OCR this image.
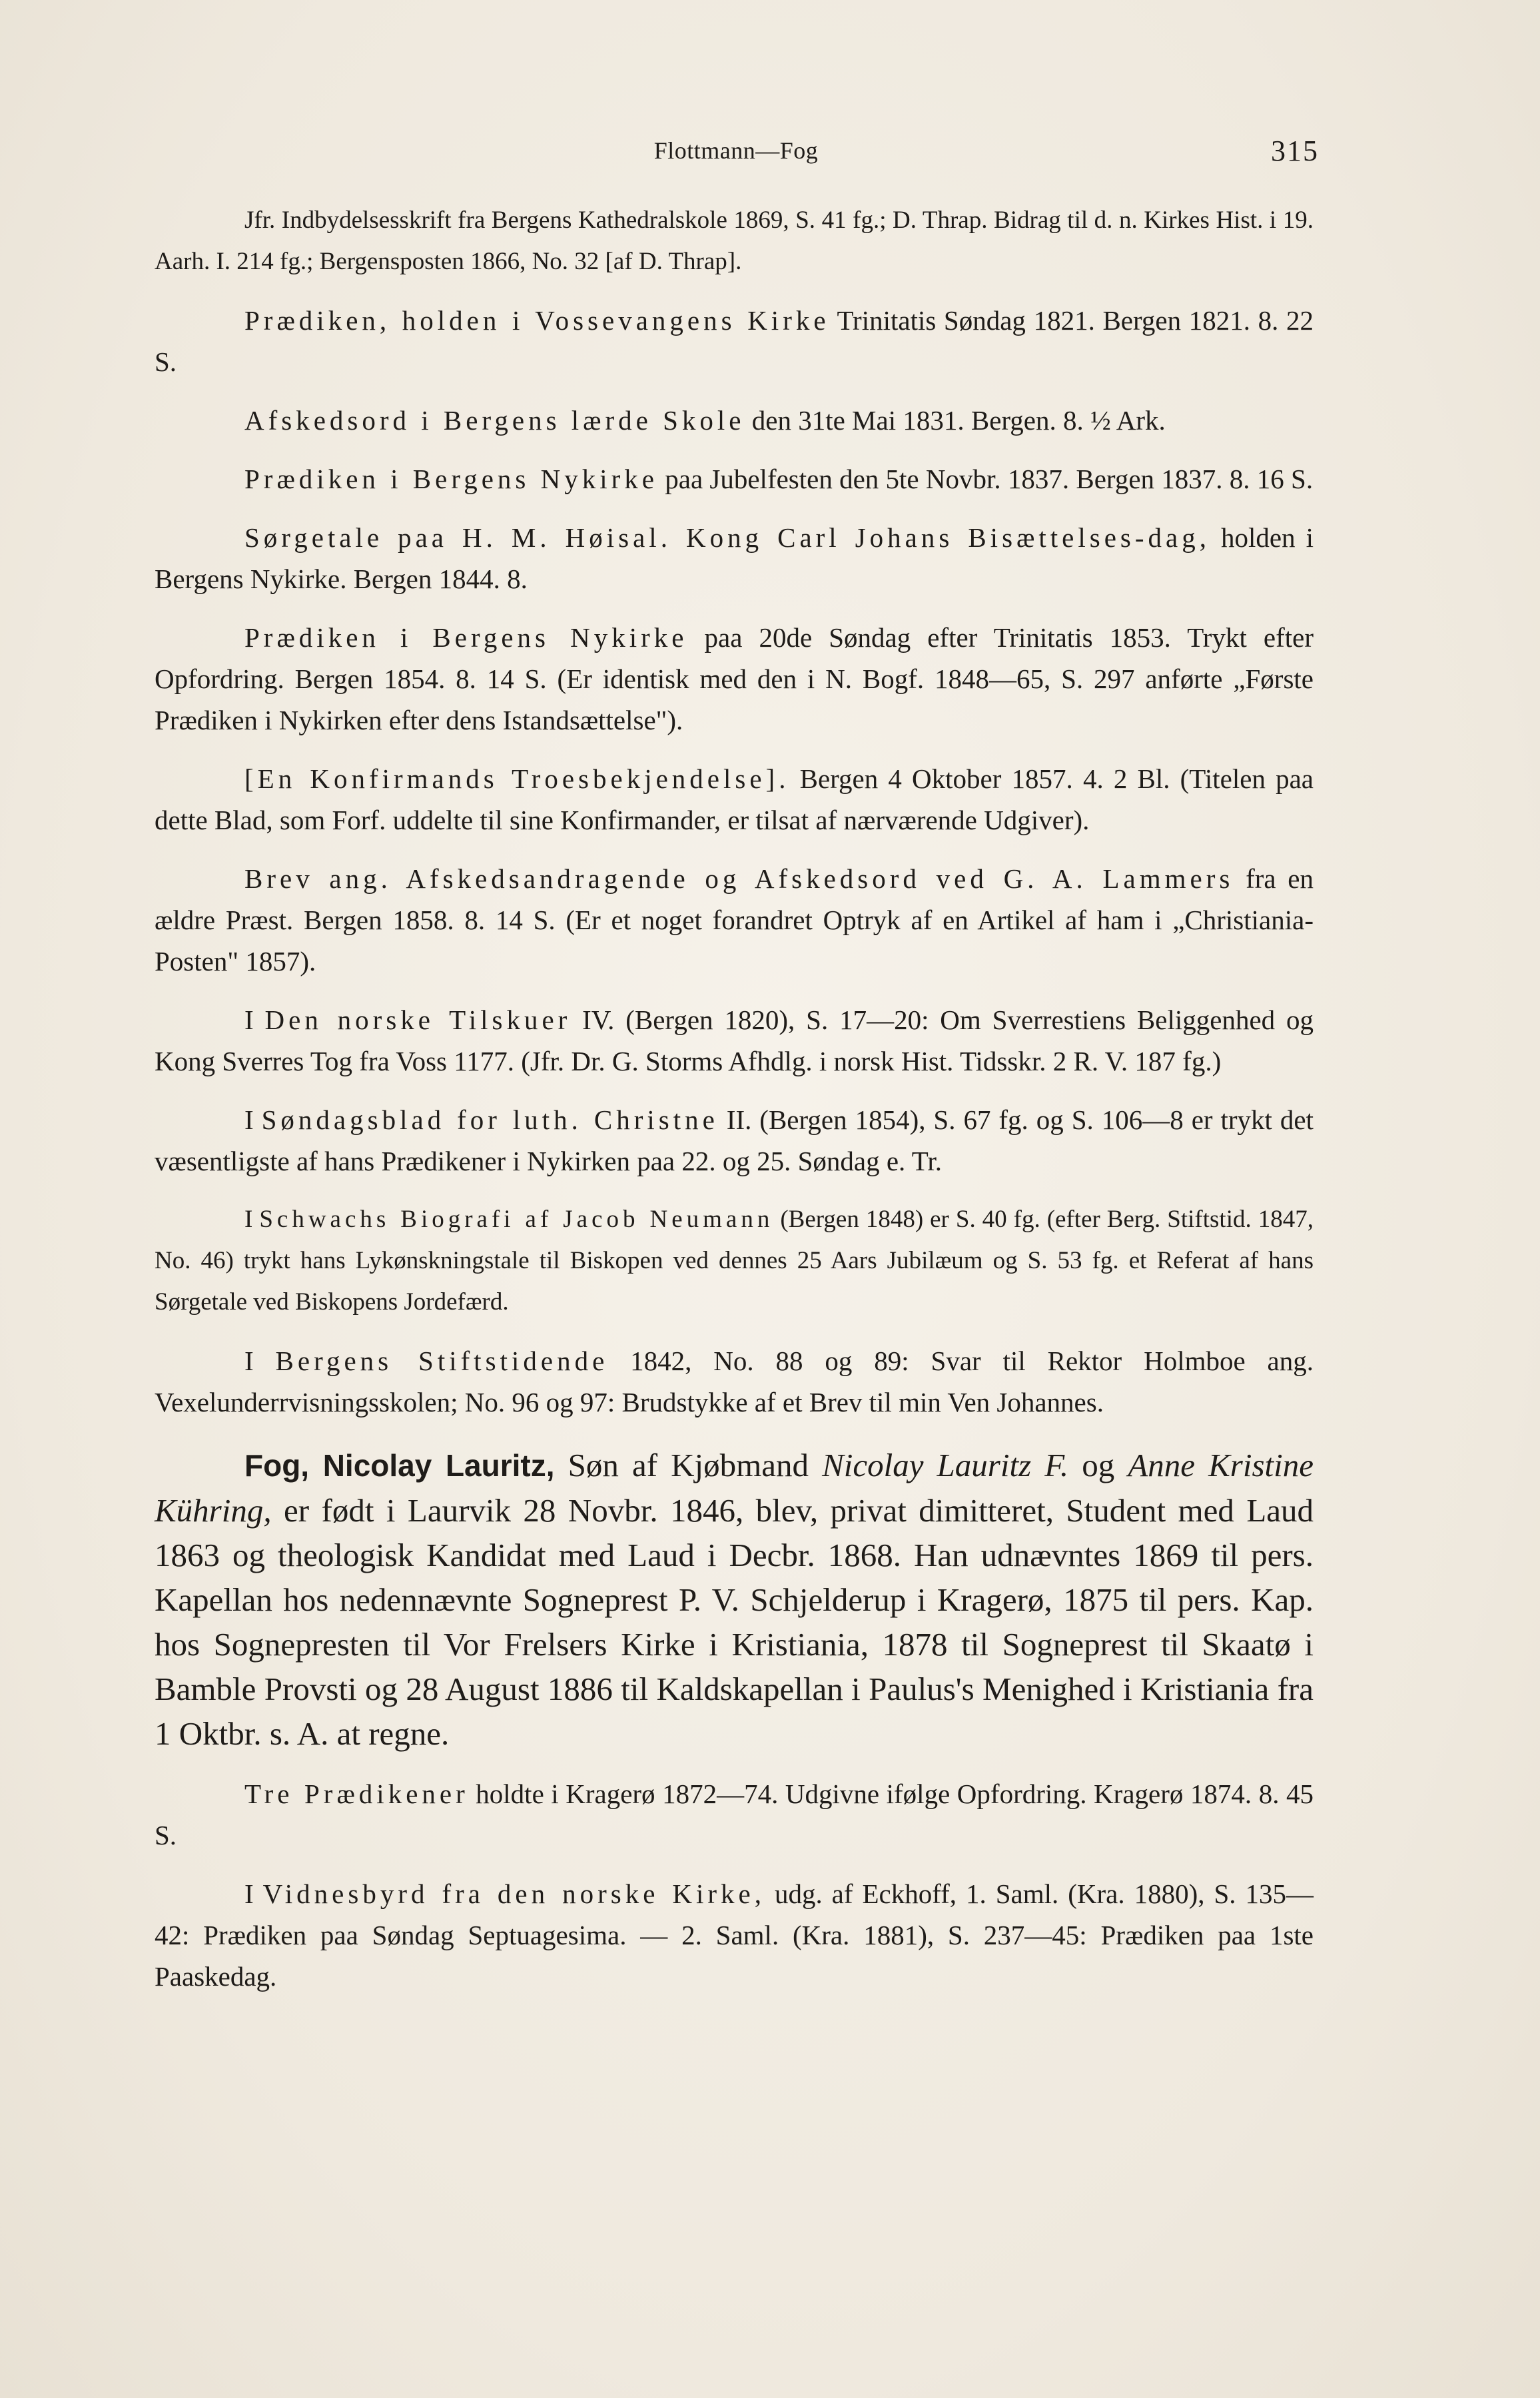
Flottmann—Fog	315

Jfr. Indbydelsesskrift fra Bergens Kathedralskole 1869, S. 41 fg.; D. Thrap. Bidrag til d. n. Kirkes Hist. i 19. Aarh. I. 214 fg.; Bergensposten 1866, No. 32 [af D. Thrap].

Prædiken, holden i Vossevangens Kirke Trinitatis Søndag 1821. Bergen 1821. 8. 22 S.

Afskedsord i Bergens lærde Skole den 31te Mai 1831. Bergen. 8. ½ Ark.

Prædiken i Bergens Nykirke paa Jubelfesten den 5te Novbr. 1837. Bergen 1837. 8. 16 S.

Sørgetale paa H. M. Høisal. Kong Carl Johans Bisættelses-dag, holden i Bergens Nykirke. Bergen 1844. 8.

Prædiken i Bergens Nykirke paa 20de Søndag efter Trinitatis 1853. Trykt efter Opfordring. Bergen 1854. 8. 14 S. (Er identisk med den i N. Bogf. 1848—65, S. 297 anførte „Første Prædiken i Nykirken efter dens Istandsættelse").

[En Konfirmands Troesbekjendelse]. Bergen 4 Oktober 1857. 4. 2 Bl. (Titelen paa dette Blad, som Forf. uddelte til sine Konfirmander, er tilsat af nærværende Udgiver).

Brev ang. Afskedsandragende og Afskedsord ved G. A. Lammers fra en ældre Præst. Bergen 1858. 8. 14 S. (Er et noget forandret Optryk af en Artikel af ham i „Christiania-Posten" 1857).

I Den norske Tilskuer IV. (Bergen 1820), S. 17—20: Om Sverrestiens Beliggenhed og Kong Sverres Tog fra Voss 1177. (Jfr. Dr. G. Storms Afhdlg. i norsk Hist. Tidsskr. 2 R. V. 187 fg.)

I Søndagsblad for luth. Christne II. (Bergen 1854), S. 67 fg. og S. 106—8 er trykt det væsentligste af hans Prædikener i Nykirken paa 22. og 25. Søndag e. Tr.

I Schwachs Biografi af Jacob Neumann (Bergen 1848) er S. 40 fg. (efter Berg. Stiftstid. 1847, No. 46) trykt hans Lykønskningstale til Biskopen ved dennes 25 Aars Jubilæum og S. 53 fg. et Referat af hans Sørgetale ved Biskopens Jordefærd.

I Bergens Stiftstidende 1842, No. 88 og 89: Svar til Rektor Holmboe ang. Vexelunderrvisningsskolen; No. 96 og 97: Brudstykke af et Brev til min Ven Johannes.

Fog, Nicolay Lauritz, Søn af Kjøbmand Nicolay Lauritz F. og Anne Kristine Kühring, er født i Laurvik 28 Novbr. 1846, blev, privat dimitteret, Student med Laud 1863 og theologisk Kandidat med Laud i Decbr. 1868. Han udnævntes 1869 til pers. Kapellan hos nedennævnte Sogneprest P. V. Schjelderup i Kragerø, 1875 til pers. Kap. hos Sognepresten til Vor Frelsers Kirke i Kristiania, 1878 til Sogneprest til Skaatø i Bamble Provsti og 28 August 1886 til Kaldskapellan i Paulus's Menighed i Kristiania fra 1 Oktbr. s. A. at regne.

Tre Prædikener holdte i Kragerø 1872—74. Udgivne ifølge Opfordring. Kragerø 1874. 8. 45 S.

I Vidnesbyrd fra den norske Kirke, udg. af Eckhoff, 1. Saml. (Kra. 1880), S. 135—42: Prædiken paa Søndag Septuagesima. — 2. Saml. (Kra. 1881), S. 237—45: Prædiken paa 1ste Paaskedag.
